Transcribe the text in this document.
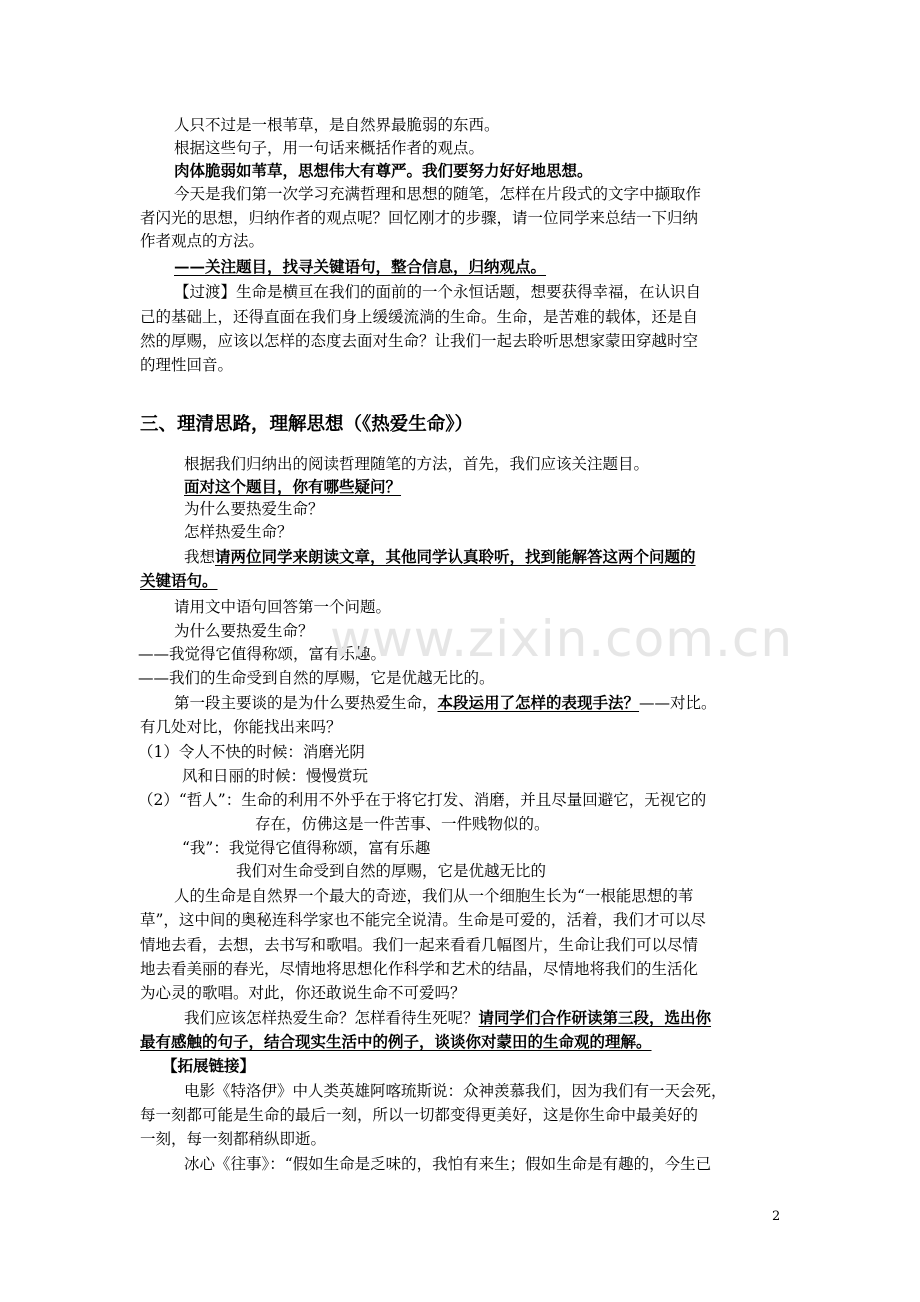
人只不过是一根苇草，是自然界最脆弱的东西。
根据这些句子，用一句话来概括作者的观点。
肉体脆弱如苇草，思想伟大有尊严。我们要努力好好地思想。
今天是我们第一次学习充满哲理和思想的随笔，怎样在片段式的文字中撷取作
者闪光的思想，归纳作者的观点呢？回忆刚才的步骤，请一位同学来总结一下归纳
作者观点的方法。
——关注题目，找寻关键语句，整合信息，归纳观点。
【过渡】生命是横亘在我们的面前的一个永恒话题，想要获得幸福，在认识自
己的基础上，还得直面在我们身上缓缓流淌的生命。生命，是苦难的载体，还是自
然的厚赐，应该以怎样的态度去面对生命？让我们一起去聆听思想家蒙田穿越时空
的理性回音。
三、理清思路，理解思想（《热爱生命》）
根据我们归纳出的阅读哲理随笔的方法，首先，我们应该关注题目。
面对这个题目，你有哪些疑问？
为什么要热爱生命？
怎样热爱生命？
我想请两位同学来朗读文章，其他同学认真聆听，找到能解答这两个问题的
关键语句。
请用文中语句回答第一个问题。
为什么要热爱生命？
——我觉得它值得称颂，富有乐趣。
——我们的生命受到自然的厚赐，它是优越无比的。
第一段主要谈的是为什么要热爱生命，本段运用了怎样的表现手法？——对比。
有几处对比，你能找出来吗？
（1）令人不快的时候：消磨光阴
风和日丽的时候：慢慢赏玩
（2）“哲人”：生命的利用不外乎在于将它打发、消磨，并且尽量回避它，无视它的
存在，仿佛这是一件苦事、一件贱物似的。
“我”：我觉得它值得称颂，富有乐趣
我们对生命受到自然的厚赐，它是优越无比的
人的生命是自然界一个最大的奇迹，我们从一个细胞生长为“一根能思想的苇
草”，这中间的奥秘连科学家也不能完全说清。生命是可爱的，活着，我们才可以尽
情地去看，去想，去书写和歌唱。我们一起来看看几幅图片，生命让我们可以尽情
地去看美丽的春光，尽情地将思想化作科学和艺术的结晶，尽情地将我们的生活化
为心灵的歌唱。对此，你还敢说生命不可爱吗？
我们应该怎样热爱生命？怎样看待生死呢？请同学们合作研读第三段，选出你
最有感触的句子，结合现实生活中的例子，谈谈你对蒙田的生命观的理解。
【拓展链接】
电影《特洛伊》中人类英雄阿喀琉斯说：众神羡慕我们，因为我们有一天会死，
每一刻都可能是生命的最后一刻，所以一切都变得更美好，这是你生命中最美好的
一刻，每一刻都稍纵即逝。
冰心《往事》：“假如生命是乏味的，我怕有来生；假如生命是有趣的，今生已
www.zixin.com.cn
2
